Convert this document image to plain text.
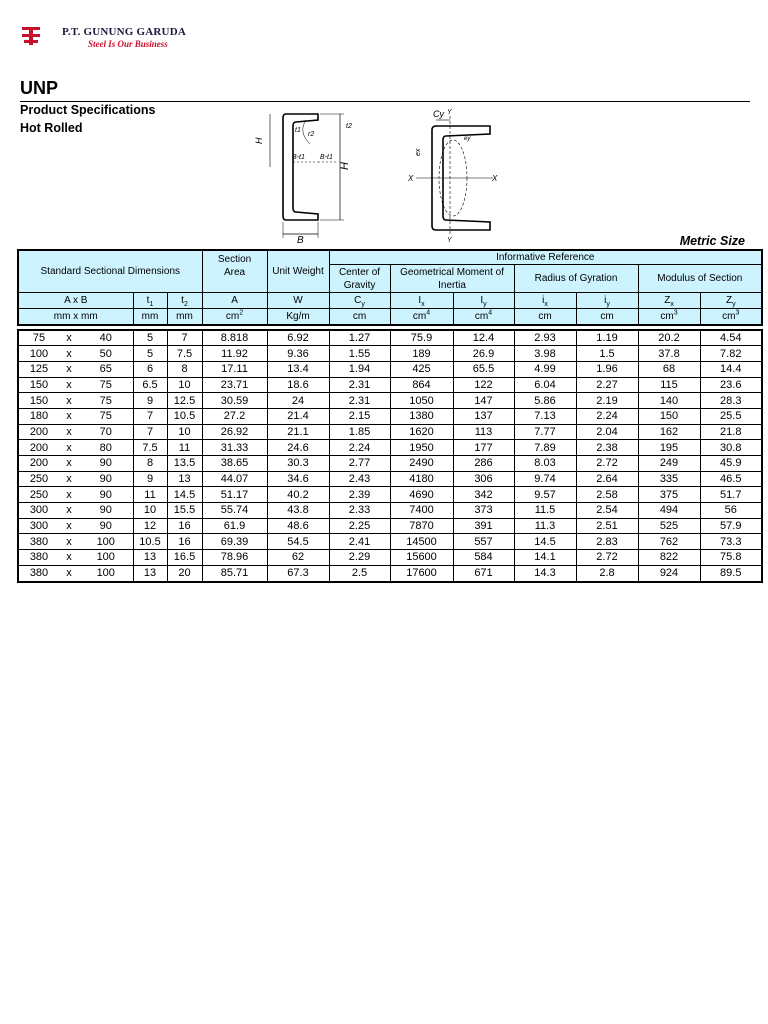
P.T. GUNUNG GARUDA
Steel Is Our Business
UNP
Product Specifications
Hot Rolled
H
H
B
B-t1 B-t1
t1
r2
t2
Cy Y
Y
X	X
ey
ex
Metric Size
Standard Sectional Dimensions			Section Area	Unit Weight	Informative Reference						
					Center of Gravity	Geometrical Moment of Inertia		Radius of Gyration		Modulus of Section	

A x B	$t_1$	$t_2$	A	W	$C_y$	$I_x$	$I_y$	$i_x$	$i_y$	$Z_x$	$Z_y$
mm x mm	mm	mm	$cm^2$	Kg/m	cm	$cm^4$	$cm^4$	cm	cm	$cm^3$	$cm^3$
75	x	40	5	7	8.818	6.92	1.27	75.9	12.4	2.93	1.19	20.2	4.54
100	x	50	5	7.5	11.92	9.36	1.55	189	26.9	3.98	1.5	37.8	7.82
125	x	65	6	8	17.11	13.4	1.94	425	65.5	4.99	1.96	68	14.4
150	x	75	6.5	10	23.71	18.6	2.31	864	122	6.04	2.27	115	23.6
150	x	75	9	12.5	30.59	24	2.31	1050	147	5.86	2.19	140	28.3
180	x	75	7	10.5	27.2	21.4	2.15	1380	137	7.13	2.24	150	25.5
200	x	70	7	10	26.92	21.1	1.85	1620	113	7.77	2.04	162	21.8
200	x	80	7.5	11	31.33	24.6	2.24	1950	177	7.89	2.38	195	30.8
200	x	90	8	13.5	38.65	30.3	2.77	2490	286	8.03	2.72	249	45.9
250	x	90	9	13	44.07	34.6	2.43	4180	306	9.74	2.64	335	46.5
250	x	90	11	14.5	51.17	40.2	2.39	4690	342	9.57	2.58	375	51.7
300	x	90	10	15.5	55.74	43.8	2.33	7400	373	11.5	2.54	494	56
300	x	90	12	16	61.9	48.6	2.25	7870	391	11.3	2.51	525	57.9
380	x	100	10.5	16	69.39	54.5	2.41	14500	557	14.5	2.83	762	73.3
380	x	100	13	16.5	78.96	62	2.29	15600	584	14.1	2.72	822	75.8
380	x	100	13	20	85.71	67.3	2.5	17600	671	14.3	2.8	924	89.5
